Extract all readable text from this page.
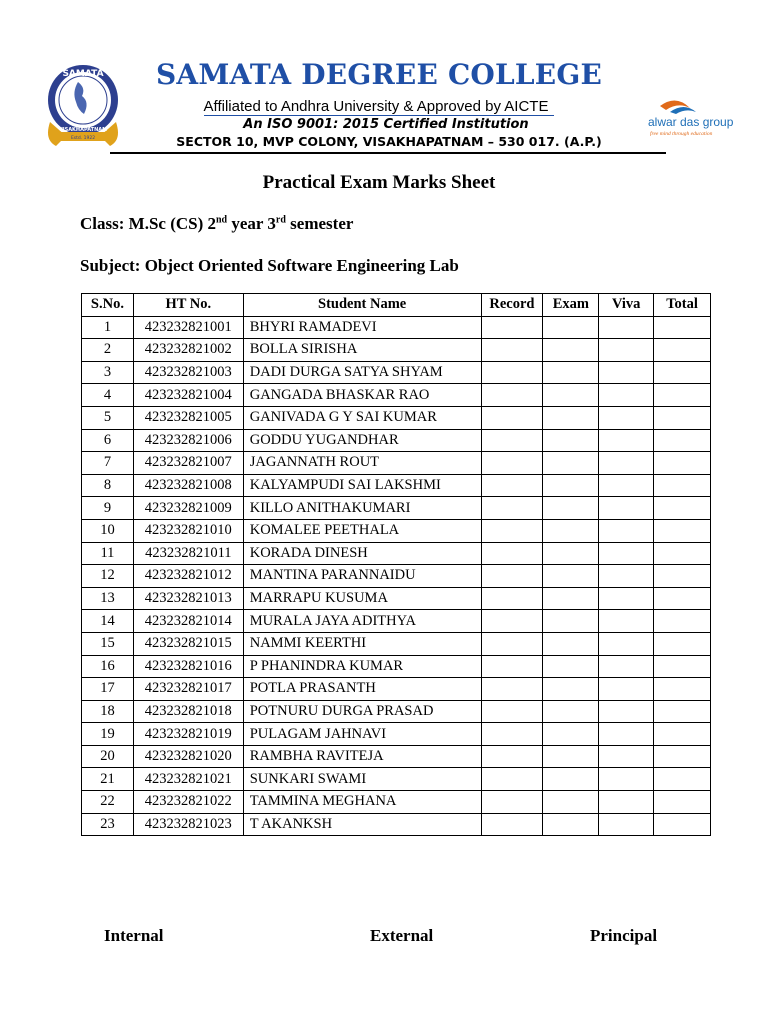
SAMATA
VISAKHAPATNAM
Estd. 1922
SAMATA DEGREE COLLEGE
Affiliated to Andhra University & Approved by AICTE
An ISO 9001: 2015 Certified Institution
SECTOR 10, MVP COLONY, VISAKHAPATNAM – 530 017. (A.P.)
alwar das group
free mind through education
Practical Exam Marks Sheet
Class: M.Sc (CS) 2nd year 3rd semester
Subject: Object Oriented Software Engineering Lab
S.No.	HT No.	Student Name	Record	Exam	Viva	Total
1	423232821001	BHYRI RAMADEVI				
2	423232821002	BOLLA SIRISHA				
3	423232821003	DADI DURGA SATYA SHYAM				
4	423232821004	GANGADA BHASKAR RAO				
5	423232821005	GANIVADA G Y SAI KUMAR				
6	423232821006	GODDU YUGANDHAR				
7	423232821007	JAGANNATH ROUT				
8	423232821008	KALYAMPUDI SAI LAKSHMI				
9	423232821009	KILLO ANITHAKUMARI				
10	423232821010	KOMALEE PEETHALA				
11	423232821011	KORADA DINESH				
12	423232821012	MANTINA PARANNAIDU				
13	423232821013	MARRAPU KUSUMA				
14	423232821014	MURALA JAYA ADITHYA				
15	423232821015	NAMMI KEERTHI				
16	423232821016	P PHANINDRA KUMAR				
17	423232821017	POTLA PRASANTH				
18	423232821018	POTNURU DURGA PRASAD				
19	423232821019	PULAGAM JAHNAVI				
20	423232821020	RAMBHA RAVITEJA				
21	423232821021	SUNKARI SWAMI				
22	423232821022	TAMMINA MEGHANA				
23	423232821023	T AKANKSH				
Internal	External	Principal
